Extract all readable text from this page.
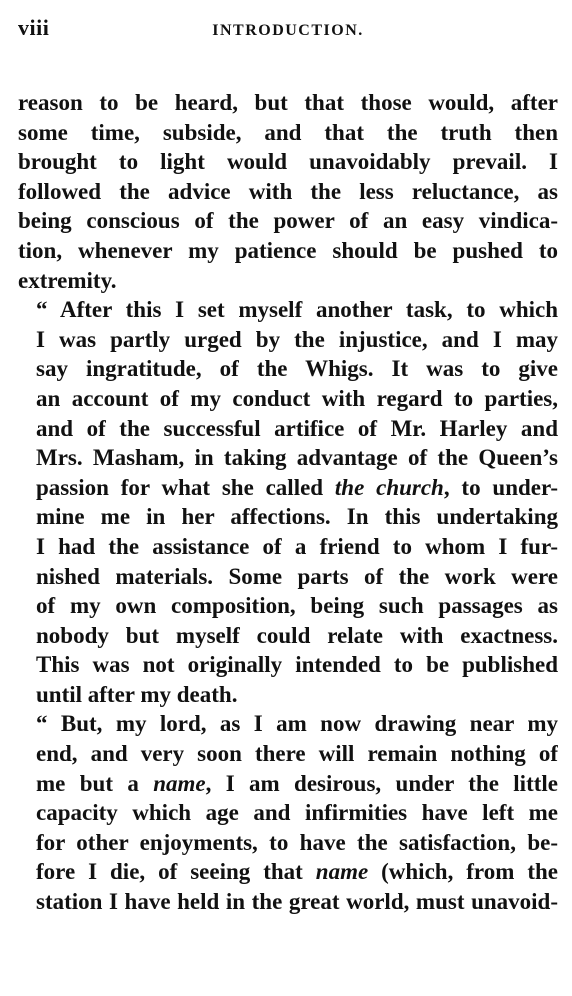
viii	INTRODUCTION.

reason to be heard, but that those would, after
some time, subside, and that the truth then
brought to light would unavoidably prevail. I
followed the advice with the less reluctance, as
being conscious of the power of an easy vindica-
tion, whenever my patience should be pushed to
extremity.

“ After this I set myself another task, to which
I was partly urged by the injustice, and I may
say ingratitude, of the Whigs. It was to give
an account of my conduct with regard to parties,
and of the successful artifice of Mr. Harley and
Mrs. Masham, in taking advantage of the Queen’s
passion for what she called the church, to under-
mine me in her affections. In this undertaking
I had the assistance of a friend to whom I fur-
nished materials. Some parts of the work were
of my own composition, being such passages as
nobody but myself could relate with exactness.
This was not originally intended to be published
until after my death.

“ But, my lord, as I am now drawing near my
end, and very soon there will remain nothing of
me but a name, I am desirous, under the little
capacity which age and infirmities have left me
for other enjoyments, to have the satisfaction, be-
fore I die, of seeing that name (which, from the
station I have held in the great world, must unavoid-
